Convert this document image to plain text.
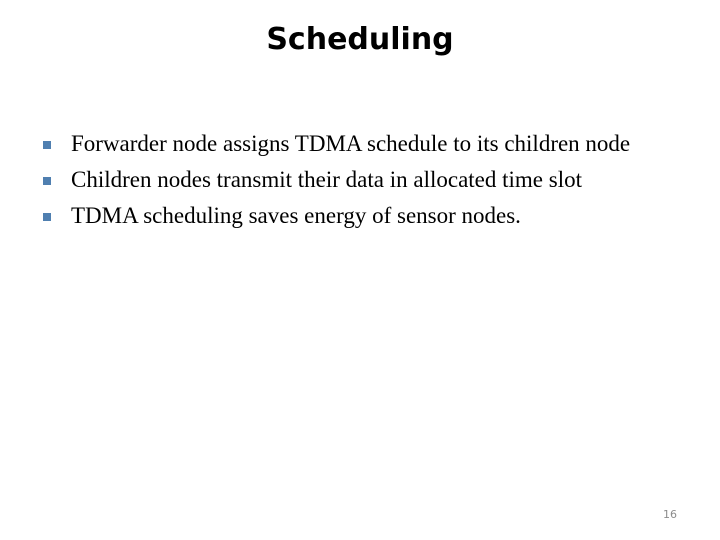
Scheduling
Forwarder node assigns TDMA schedule to its children node
Children nodes transmit their data in allocated time slot
TDMA scheduling saves energy of sensor nodes.
16
